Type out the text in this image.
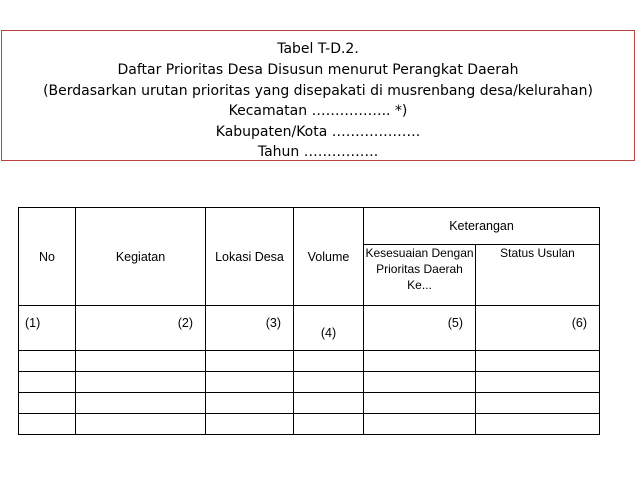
Tabel T-D.2.
Daftar Prioritas Desa Disusun menurut Perangkat Daerah
(Berdasarkan urutan prioritas yang disepakati di musrenbang desa/kelurahan)
Kecamatan …………….. *)
Kabupaten/Kota ……………….
Tahun …………….
No	Kegiatan	Lokasi Desa	Volume	Keterangan	
				Kesesuaian Dengan Prioritas Daerah Ke...	Status Usulan
(1)	(2)	(3)	(4)	(5)	(6)
